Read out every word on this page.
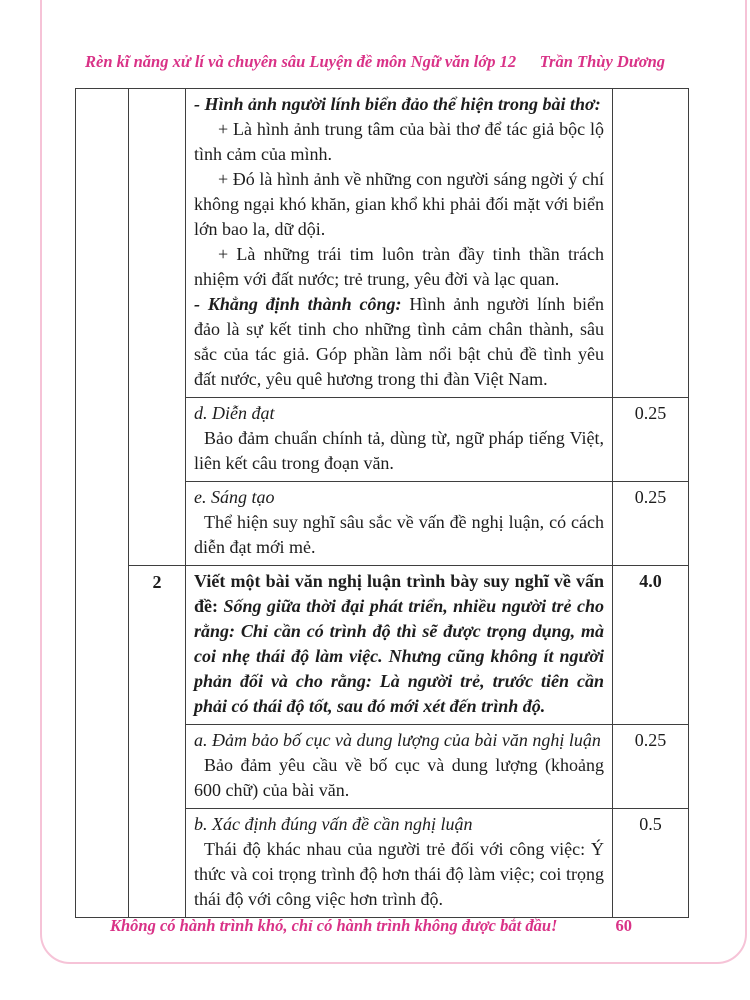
Rèn kĩ năng xử lí và chuyên sâu Luyện đề môn Ngữ văn lớp 12 Trần Thùy Dương

		- Hình ảnh người lính biển đảo thể hiện trong bài thơ:

+ Là hình ảnh trung tâm của bài thơ để tác giả bộc lộ tình cảm của mình.

+ Đó là hình ảnh về những con người sáng ngời ý chí không ngại khó khăn, gian khổ khi phải đối mặt với biển lớn bao la, dữ dội.

+ Là những trái tim luôn tràn đầy tinh thần trách nhiệm với đất nước; trẻ trung, yêu đời và lạc quan.

- Khẳng định thành công: Hình ảnh người lính biển đảo là sự kết tinh cho những tình cảm chân thành, sâu sắc của tác giả. Góp phần làm nổi bật chủ đề tình yêu đất nước, yêu quê hương trong thi đàn Việt Nam.	

		d. Diễn đạt

Bảo đảm chuẩn chính tả, dùng từ, ngữ pháp tiếng Việt, liên kết câu trong đoạn văn.	0.25

		e. Sáng tạo

Thể hiện suy nghĩ sâu sắc về vấn đề nghị luận, có cách diễn đạt mới mẻ.	0.25
	2	Viết một bài văn nghị luận trình bày suy nghĩ về vấn đề: Sống giữa thời đại phát triển, nhiều người trẻ cho rằng: Chỉ cần có trình độ thì sẽ được trọng dụng, mà coi nhẹ thái độ làm việc. Nhưng cũng không ít người phản đối và cho rằng: Là người trẻ, trước tiên cần phải có thái độ tốt, sau đó mới xét đến trình độ.	4.0

		a. Đảm bảo bố cục và dung lượng của bài văn nghị luận

Bảo đảm yêu cầu về bố cục và dung lượng (khoảng 600 chữ) của bài văn.	0.25

		b. Xác định đúng vấn đề cần nghị luận

Thái độ khác nhau của người trẻ đối với công việc: Ý thức và coi trọng trình độ hơn thái độ làm việc; coi trọng thái độ với công việc hơn trình độ.	0.5
Không có hành trình khó, chỉ có hành trình không được bắt đầu!	60
